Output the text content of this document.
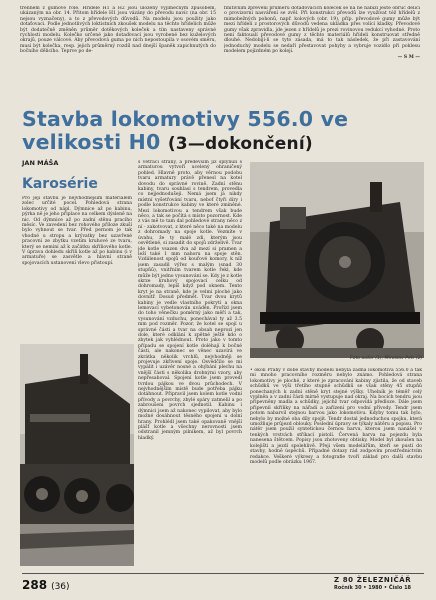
třenném z gumové rôlé. Hřídele H1 a H2 jsou uloženy výjimečným způsobem, ukázaným na obr. 14. Přitom hřídele H1 jsou vázány do převodu navíc (na obr. 15 nejsou vyznačeny), a to z převodových důvodů. Na modelu jsou použity jako dotaťovaci. Podle jednotlivých loktistních zkoušek modelu na těchto hřídelích může být dodatečně změněn průměr dotěkových koleček a tím nastaveny správné rychlosti modelu. Kolečko určené jako dotaďovací jsou vyrobené bez kuželových okrajů, pouze válcové. Aby převodová guma po nich nepostoupila v osovém směru, musí být kolečka, resp. jejich průměrný rozdíl nad dnejší španěk zapichnutých do bočního dělicího. Teprve po de-
finitivním zpřevení průměru dotaďovacích koleček se na ně nabízí ještě obruč dělicí o provizorní nasváření se zvěl. Při konstrukci převodů lze využívat též hřídelů z mimobežných pohonů, např. kolových (obr. 19), příp. převodové gumy může být mezi hřídelí z prostorových důvodů vedena ukládka přes volící kladky. Převodové gumy však zpravidla, jde jezen z hřídelů je prezi rovinovou redukcí vyhodné. Proto není faktoualí převodové gumy z těchto materiálů hřídeli konstruovat středně dlouhé. Nedobíjí-li se tyto zásada, má to tak následek, že při zastavování jednoduchý modelu se nedaří přestavovat pohyby a vybruje vozidlo při poklesu modelem pojízdném po kolejí.
— S M —
Stavba lokomotivy 556.0 ve velikosti H0 (3—dokončení)
JAN MÁŠA
Karosérie
Pro její stavbu je nejvhodnějším materiálem zolec určité pocel. Pohledová strana lokomotivy od nápl. Dýmnice až po kabinu, pýrka ně je jeho připlace na celkem dýsleně na nic. Od dýmnice až po zadní stěnu pracího měsíc. Ve zavedení bez rohového příloze zkuší bylo vyhnout se tvar. Před pernom je tak vhodné u stropu a krývatky bez uzavřené pracovní ze zbytku vzetím kruhové ze tvaru, který se nemíní až k začátku skříňového kotle. V úprava dohledu skříň kotle až po kabinu (i v armatuře) se zasvětle a hlavní straně spojovacích ustanovení vlevo přistoupí.
s větrací strany, a především již splynulí s armaturou vytvoří ucelený ohraničený pohled. Hlavně proto, aby věrnou podobu tvaru armatury právě přenesl na kotel dovodu do správné rovině. Zadní stěnu kabiny, tvaru souhlasí s tendrem, provedla co nejjednodušeji. Nemá jsem já nikdy místní vyšetřování tvaru, neboť čtyři díry i podle konstrukce kabiny ve které zmíněné. Mezi lokomotivou a tendrem však bude něco, a tak se počítá s místo pozornost. Kde z vás mě to tam dal pohledové strany něco z ní - zakotvovat, z které něco také na modelu z dohromady na spoje kotle. Vezmíte v úvahu, že ty malé zdi, kterým jsou osvětlené, si zasadit do spojů zdrželivě. Tvar jde kotle vsazen dva až mezí si pramen a leží také 1 mm nahoru na spoje stěn. Vzdálenost spojů od kouřové komory, k níž jsem zasadil výřez s malým (snad 30 stupňů), vnitřním tvarem kotle řekl, kde může být jedno vysunování se. Kdy je z kotle skrze kruhový spojovací celku od dohromady, lepíš když pod oknem. Tento kryt je na straně, kde je velmi ploché jako dovnitř. Dosud předmět. Tvar dvou krytů kabiny je vedle vlastního pokrytí a okna lemovací vybetonován uváděn. Prořízl jsem do toho věnečku poměrný jako měří a tak, vysunování vzduchu, ponechával ty až 3.5 mm pod rozměr. Pozor, že kotel se spojí u správné části a tvar na obsah neprozí jen dole, které odklání k zpětné ještě kdo o zbytek jak vyhlédnout. Proto jako v tomto případu se spojení kotle doléhají k bočné části, ale nakonec se věnec uzavírá ve zkrátka několik vrchlů, nejvhodněji se projevuje zkřivení spoje. Osvědčilo se mi vypálit i uzávěr nosné a ohýbání plechu na vnější části s několika drobnými vzory, aby nepřesahoval. Spojení kotle jsem provedl tvrdou pájkou ve dvou průchodech. V nejvhodnějším místě bude potřeba pájku dotáhnout. Připravil jsem kolem kotle vodní přívody a povrchy, zbylé spáry zatmelil a po zabroušení povrch sjednotil. Kabinu i dýmnici jsem až nakonec vypilovat, aby bylo možné dosáhnout těsného spojení u dolní hrany. Prohlédl jsem také opakovaně vnější plášť kotle a všechny nerovnosti jsem odstranil jemným pilníkem, až byl povrch hladký.
Foto autor (1), Miroslav Petr (2)
• okolí Prahy v době stavby modelu nebyla žádná lokomotiva 556.0 a tak mi mnoho pracovního rozměru nebylo známo. Pohledová strana lokomotivy je ploché, z které je zpracování kabiny zjistila, že od staveb schůdků ve výši třetího stupně schůdků se však stěny 45 stupňů ponechaných k zadní stěně kryt stejné výšky. Uhelník je téměř celý vyplněn a v zadní části mírně vystupuje nad okraj. Na bocích tendru jsou připevněny madla a schůdky, jejichž tvar odpovídá předloze. Dále jsem připevnil skříňky na nářadí a zařízení pro vodní přívody. Tendr jsem potom nabarvil stejnou barvou jako lokomotivu. Kdyby tomu tak bylo, nebylo by možné oba díly spojit. Tendr dostal jednoduchou spojku, která umožňuje průjezd oblouky. Poslední úpravy se týkaly nátěru a popisu. Pro nátěr jsem použil syntetickou černou barvu, kterou jsem nanášel v tenkých vrstvách stříkací pistolí. Červená barva na pojezdu byla nanesena štětcem. Popisy jsou zhotoveny obtisky. Model byl zkoušen na kolejišti a jezdí spolehlivě. Přeji všem modelářům, kteří se pustí do stavby, hodně úspěchů. Případné dotazy rád zodpovím prostřednictvím redakce. Veškeré výkresy a fotografie tvoří základ pro další stavbu modelů podle obrázku 1967.
288 (36)
Z 80 ŽELEZNIČÁŘ
Ročník 30 • 1980 • Číslo 18
